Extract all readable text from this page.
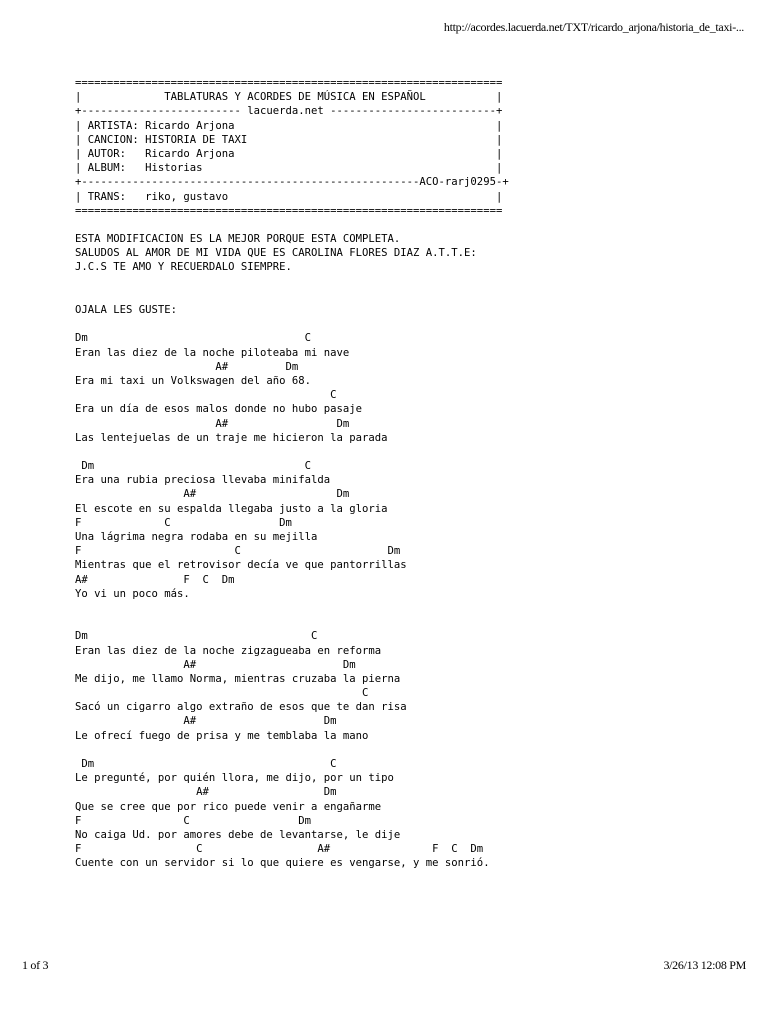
http://acordes.lacuerda.net/TXT/ricardo_arjona/historia_de_taxi-...
===================================================================
|             TABLATURAS Y ACORDES DE MÚSICA EN ESPAÑOL           |
+------------------------- lacuerda.net --------------------------+
| ARTISTA: Ricardo Arjona                                         |
| CANCION: HISTORIA DE TAXI                                       |
| AUTOR:   Ricardo Arjona                                         |
| ALBUM:   Historias                                              |
+-----------------------------------------------------ACO-rarj0295-+
| TRANS:   riko, gustavo                                          |
===================================================================
ESTA MODIFICACION ES LA MEJOR PORQUE ESTA COMPLETA.
SALUDOS AL AMOR DE MI VIDA QUE ES CAROLINA FLORES DIAZ A.T.T.E:
J.C.S TE AMO Y RECUERDALO SIEMPRE.
OJALA LES GUSTE:
Dm                                  C
Eran las diez de la noche piloteaba mi nave
A#         Dm
Era mi taxi un Volkswagen del año 68.
C
Era un día de esos malos donde no hubo pasaje
A#                 Dm
Las lentejuelas de un traje me hicieron la parada
Dm                                 C
Era una rubia preciosa llevaba minifalda
A#                      Dm
El escote en su espalda llegaba justo a la gloria
F             C                 Dm
Una lágrima negra rodaba en su mejilla
F                        C                       Dm
Mientras que el retrovisor decía ve que pantorrillas
A#               F  C  Dm
Yo vi un poco más.
Dm                                   C
Eran las diez de la noche zigzagueaba en reforma
A#                       Dm
Me dijo, me llamo Norma, mientras cruzaba la pierna
C
Sacó un cigarro algo extraño de esos que te dan risa
A#                    Dm
Le ofrecí fuego de prisa y me temblaba la mano
Dm                                     C
Le pregunté, por quién llora, me dijo, por un tipo
A#                  Dm
Que se cree que por rico puede venir a engañarme
F                C                 Dm
No caiga Ud. por amores debe de levantarse, le dije
F                  C                  A#                F  C  Dm
Cuente con un servidor si lo que quiere es vengarse, y me sonrió.
1 of 3	3/26/13 12:08 PM
